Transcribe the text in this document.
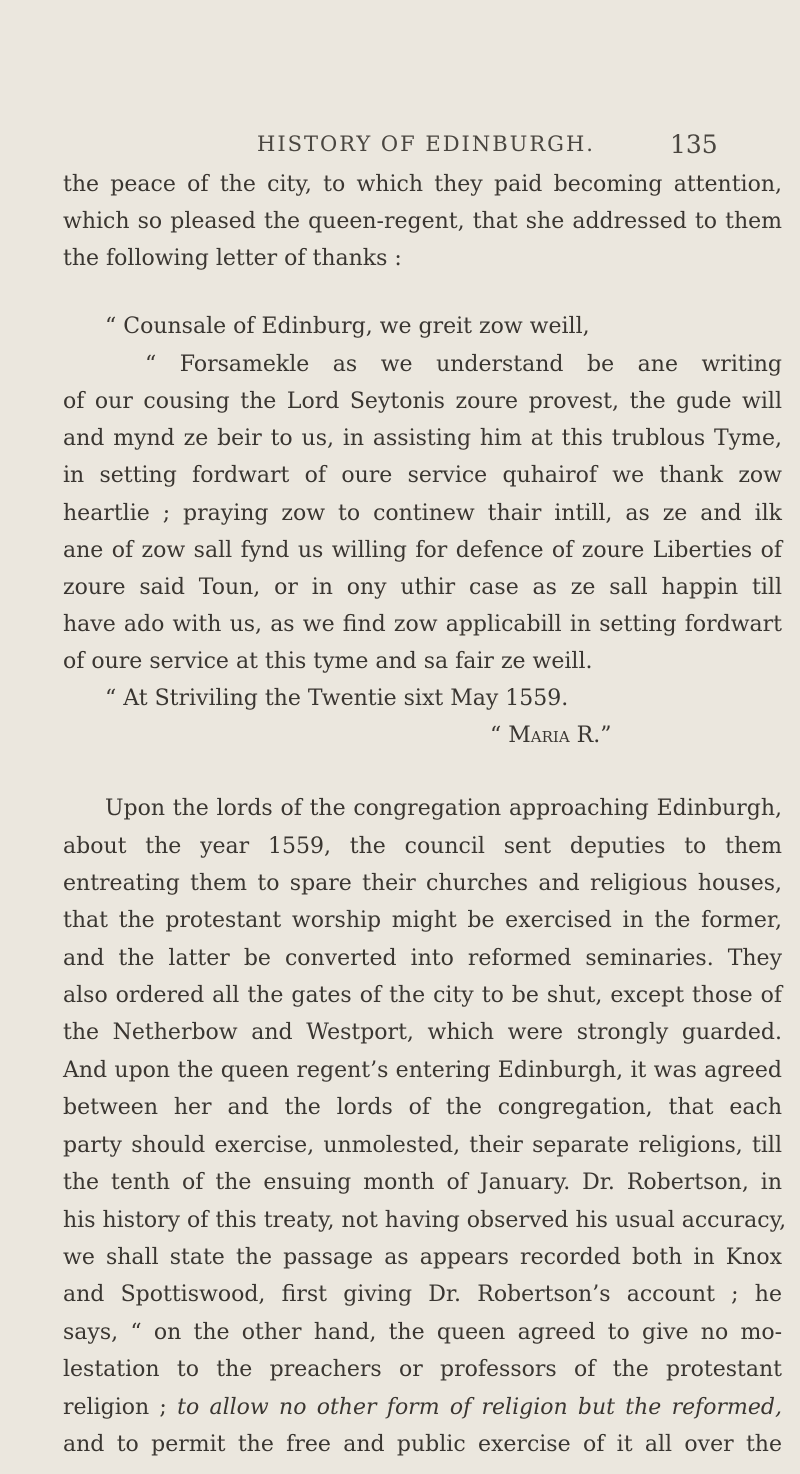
HISTORY OF EDINBURGH.	135
the peace of the city, to which they paid becoming attention,
which so pleased the queen-regent, that she addressed to them
the following letter of thanks :
“ Counsale of Edinburg, we greit zow weill,
“ Forsamekle as we understand be ane writing
of our cousing the Lord Seytonis zoure provest, the gude will
and mynd ze beir to us, in assisting him at this trublous Tyme,
in setting fordwart of oure service quhairof we thank zow
heartlie ; praying zow to continew thair intill, as ze and ilk
ane of zow sall fynd us willing for defence of zoure Liberties of
zoure said Toun, or in ony uthir case as ze sall happin till
have ado with us, as we find zow applicabill in setting fordwart
of oure service at this tyme and sa fair ze weill.
“ At Striviling the Twentie sixt May 1559.
“ Maria R.”
Upon the lords of the congregation approaching Edinburgh,
about the year 1559, the council sent deputies to them
entreating them to spare their churches and religious houses,
that the protestant worship might be exercised in the former,
and the latter be converted into reformed seminaries. They
also ordered all the gates of the city to be shut, except those of
the Netherbow and Westport, which were strongly guarded.
And upon the queen regent’s entering Edinburgh, it was agreed
between her and the lords of the congregation, that each
party should exercise, unmolested, their separate religions, till
the tenth of the ensuing month of January. Dr. Robertson, in
his history of this treaty, not having observed his usual accuracy,
we shall state the passage as appears recorded both in Knox
and Spottiswood, first giving Dr. Robertson’s account ; he
says, “ on the other hand, the queen agreed to give no mo-
lestation to the preachers or professors of the protestant
religion ; to allow no other form of religion but the reformed,
and to permit the free and public exercise of it all over the
